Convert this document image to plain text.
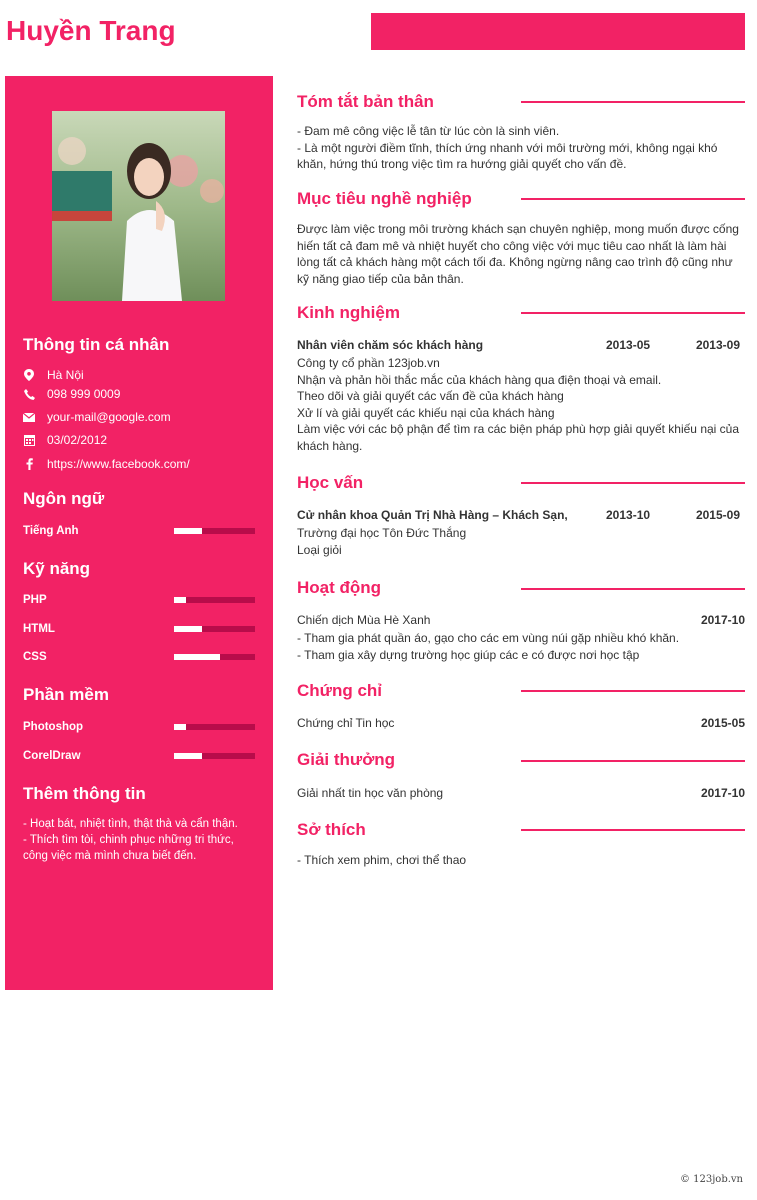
Huyền Trang
Thông tin cá nhân
Hà Nội
098 999 0009
your-mail@google.com
03/02/2012
https://www.facebook.com/
Ngôn ngữ
Tiếng Anh
Kỹ năng
PHP
HTML
CSS
Phần mềm
Photoshop
CorelDraw
Thêm thông tin
- Hoạt bát, nhiệt tình, thật thà và cẩn thận.
- Thích tìm tòi, chinh phục những tri thức, công việc mà mình chưa biết đến.
Tóm tắt bản thân
- Đam mê công việc lễ tân từ lúc còn là sinh viên.
- Là một người điềm tĩnh, thích ứng nhanh với môi trường mới, không ngại khó khăn, hứng thú trong việc tìm ra hướng giải quyết cho vấn đề.
Mục tiêu nghề nghiệp
Được làm việc trong môi trường khách sạn chuyên nghiệp, mong muốn được cống hiến tất cả đam mê và nhiệt huyết cho công việc với mục tiêu cao nhất là làm hài lòng tất cả khách hàng một cách tối đa. Không ngừng nâng cao trình độ cũng như kỹ năng giao tiếp của bản thân.
Kinh nghiệm
Nhân viên chăm sóc khách hàng	2013-05	2013-09
Công ty cổ phần 123job.vn
Nhận và phản hồi thắc mắc của khách hàng qua điện thoại và email.
Theo dõi và giải quyết các vấn đề của khách hàng
Xử lí và giải quyết các khiếu nại của khách hàng
Làm việc với các bộ phận để tìm ra các biện pháp phù hợp giải quyết khiếu nại của khách hàng.
Học vấn
Cử nhân khoa Quản Trị Nhà Hàng – Khách Sạn,	2013-10	2015-09
Trường đại học Tôn Đức Thắng
Loại giỏi
Hoạt động
Chiến dịch Mùa Hè Xanh	2017-10
- Tham gia phát quần áo, gạo cho các em vùng núi gặp nhiều khó khăn.
- Tham gia xây dựng trường học giúp các e có được nơi học tập
Chứng chỉ
Chứng chỉ Tin học	2015-05
Giải thưởng
Giải nhất tin học văn phòng	2017-10
Sở thích
- Thích xem phim, chơi thể thao
© 123job.vn
